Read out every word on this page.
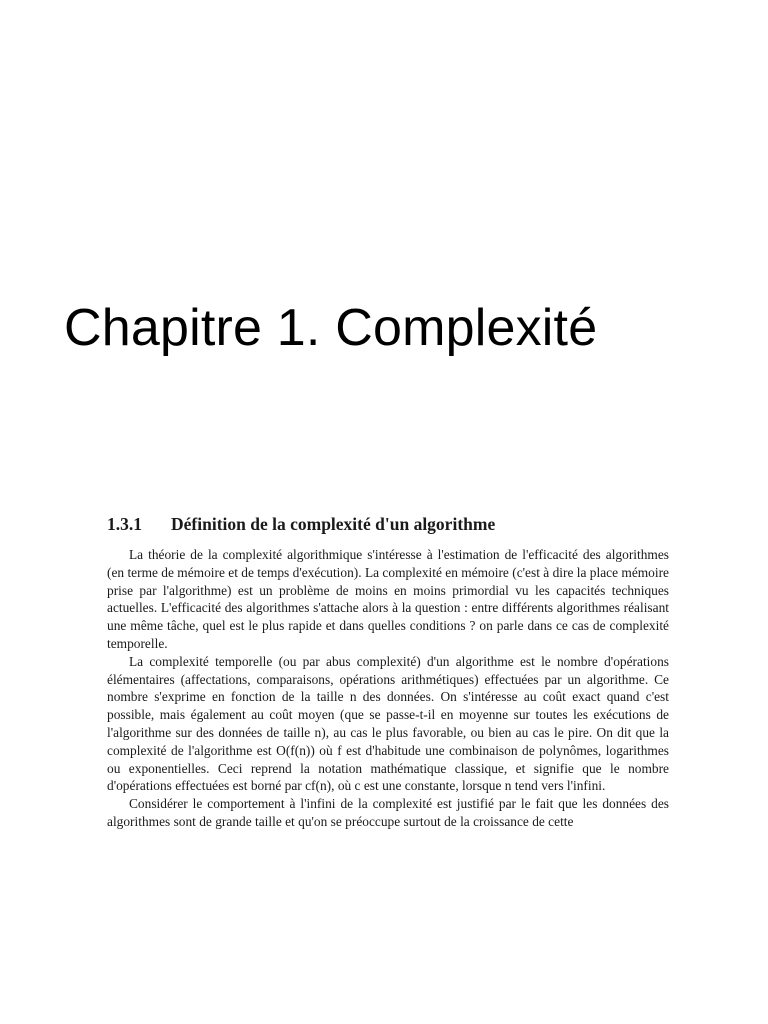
Chapitre 1. Complexité
1.3.1 Définition de la complexité d'un algorithme

La théorie de la complexité algorithmique s'intéresse à l'estimation de l'efficacité des algorithmes (en terme de mémoire et de temps d'exécution). La complexité en mémoire (c'est à dire la place mémoire prise par l'algorithme) est un problème de moins en moins primordial vu les capacités techniques actuelles. L'efficacité des algorithmes s'attache alors à la question : entre différents algorithmes réalisant une même tâche, quel est le plus rapide et dans quelles conditions ? on parle dans ce cas de complexité temporelle.

La complexité temporelle (ou par abus complexité) d'un algorithme est le nombre d'opérations élémentaires (affectations, comparaisons, opérations arithmétiques) effectuées par un algorithme. Ce nombre s'exprime en fonction de la taille n des données. On s'intéresse au coût exact quand c'est possible, mais également au coût moyen (que se passe-t-il en moyenne sur toutes les exécutions de l'algorithme sur des données de taille n), au cas le plus favorable, ou bien au cas le pire. On dit que la complexité de l'algorithme est O(f(n)) où f est d'habitude une combinaison de polynômes, logarithmes ou exponentielles. Ceci reprend la notation mathématique classique, et signifie que le nombre d'opérations effectuées est borné par cf(n), où c est une constante, lorsque n tend vers l'infini.

Considérer le comportement à l'infini de la complexité est justifié par le fait que les données des algorithmes sont de grande taille et qu'on se préoccupe surtout de la croissance de cette
